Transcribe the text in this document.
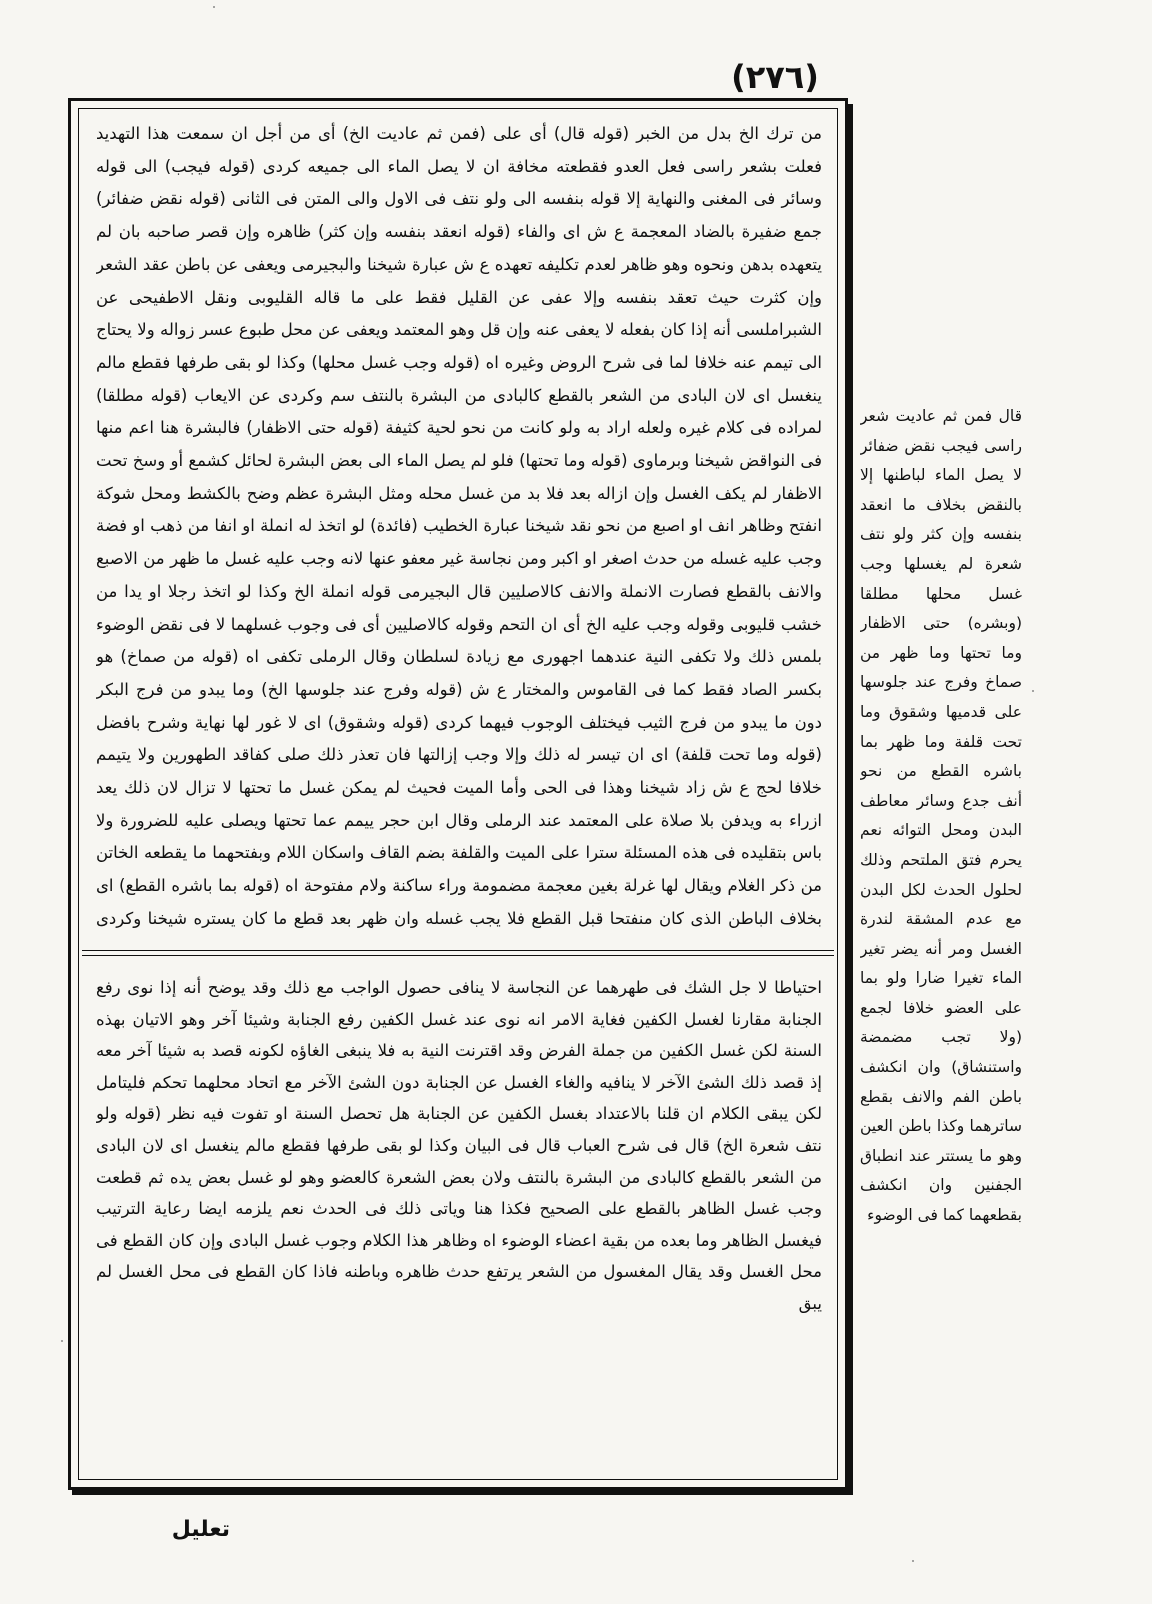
(٢٧٦)
من ترك الخ بدل من الخبر (قوله قال) أى على (فمن ثم عاديت الخ) أى من أجل ان سمعت هذا التهديد فعلت بشعر راسى فعل العدو فقطعته مخافة ان لا يصل الماء الى جميعه كردى (قوله فيجب) الى قوله وسائر فى المغنى والنهاية إلا قوله بنفسه الى ولو نتف فى الاول والى المتن فى الثانى (قوله نقض ضفائر) جمع ضفيرة بالضاد المعجمة ع ش اى والفاء (قوله انعقد بنفسه وإن كثر) ظاهره وإن قصر صاحبه بان لم يتعهده بدهن ونحوه وهو ظاهر لعدم تكليفه تعهده ع ش عبارة شيخنا والبجيرمى ويعفى عن باطن عقد الشعر وإن كثرت حيث تعقد بنفسه وإلا عفى عن القليل فقط على ما قاله القليوبى ونقل الاطفيحى عن الشبراملسى أنه إذا كان بفعله لا يعفى عنه وإن قل وهو المعتمد ويعفى عن محل طبوع عسر زواله ولا يحتاج الى تيمم عنه خلافا لما فى شرح الروض وغيره اه (قوله وجب غسل محلها) وكذا لو بقى طرفها فقطع مالم ينغسل اى لان البادى من الشعر بالقطع كالبادى من البشرة بالنتف سم وكردى عن الايعاب (قوله مطلقا) لمراده فى كلام غيره ولعله اراد به ولو كانت من نحو لحية كثيفة (قوله حتى الاظفار) فالبشرة هنا اعم منها فى النواقض شيخنا وبرماوى (قوله وما تحتها) فلو لم يصل الماء الى بعض البشرة لحائل كشمع أو وسخ تحت الاظفار لم يكف الغسل وإن ازاله بعد فلا بد من غسل محله ومثل البشرة عظم وضح بالكشط ومحل شوكة انفتح وظاهر انف او اصبع من نحو نقد شيخنا عبارة الخطيب (فائدة) لو اتخذ له انملة او انفا من ذهب او فضة وجب عليه غسله من حدث اصغر او اكبر ومن نجاسة غير معفو عنها لانه وجب عليه غسل ما ظهر من الاصبع والانف بالقطع فصارت الانملة والانف كالاصليين قال البجيرمى قوله انملة الخ وكذا لو اتخذ رجلا او يدا من خشب قليوبى وقوله وجب عليه الخ أى ان التحم وقوله كالاصليين أى فى وجوب غسلهما لا فى نقض الوضوء بلمس ذلك ولا تكفى النية عندهما اجهورى مع زيادة لسلطان وقال الرملى تكفى اه (قوله من صماخ) هو بكسر الصاد فقط كما فى القاموس والمختار ع ش (قوله وفرج عند جلوسها الخ) وما يبدو من فرج البكر دون ما يبدو من فرج الثيب فيختلف الوجوب فيهما كردى (قوله وشقوق) اى لا غور لها نهاية وشرح بافضل (قوله وما تحت قلفة) اى ان تيسر له ذلك وإلا وجب إزالتها فان تعذر ذلك صلى كفاقد الطهورين ولا يتيمم خلافا لحج ع ش زاد شيخنا وهذا فى الحى وأما الميت فحيث لم يمكن غسل ما تحتها لا تزال لان ذلك يعد ازراء به ويدفن بلا صلاة على المعتمد عند الرملى وقال ابن حجر ييمم عما تحتها ويصلى عليه للضرورة ولا باس بتقليده فى هذه المسئلة سترا على الميت والقلفة بضم القاف واسكان اللام وبفتحهما ما يقطعه الخاتن من ذكر الغلام ويقال لها غرلة بغين معجمة مضمومة وراء ساكنة ولام مفتوحة اه (قوله بما باشره القطع) اى بخلاف الباطن الذى كان منفتحا قبل القطع فلا يجب غسله وان ظهر بعد قطع ما كان يستره شيخنا وكردى
احتياطا لا جل الشك فى طهرهما عن النجاسة لا ينافى حصول الواجب مع ذلك وقد يوضح أنه إذا نوى رفع الجنابة مقارنا لغسل الكفين فغاية الامر انه نوى عند غسل الكفين رفع الجنابة وشيئا آخر وهو الاتيان بهذه السنة لكن غسل الكفين من جملة الفرض وقد اقترنت النية به فلا ينبغى الغاؤه لكونه قصد به شيئا آخر معه إذ قصد ذلك الشئ الآخر لا ينافيه والغاء الغسل عن الجنابة دون الشئ الآخر مع اتحاد محلهما تحكم فليتامل لكن يبقى الكلام ان قلنا بالاعتداد بغسل الكفين عن الجنابة هل تحصل السنة او تفوت فيه نظر (قوله ولو نتف شعرة الخ) قال فى شرح العباب قال فى البيان وكذا لو بقى طرفها فقطع مالم ينغسل اى لان البادى من الشعر بالقطع كالبادى من البشرة بالنتف ولان بعض الشعرة كالعضو وهو لو غسل بعض يده ثم قطعت وجب غسل الظاهر بالقطع على الصحيح فكذا هنا وياتى ذلك فى الحدث نعم يلزمه ايضا رعاية الترتيب فيغسل الظاهر وما بعده من بقية اعضاء الوضوء اه وظاهر هذا الكلام وجوب غسل البادى وإن كان القطع فى محل الغسل وقد يقال المغسول من الشعر يرتفع حدث ظاهره وباطنه فاذا كان القطع فى محل الغسل لم يبق
قال فمن ثم عاديت شعر راسى فيجب نقض ضفائر لا يصل الماء لباطنها إلا بالنقض بخلاف ما انعقد بنفسه وإن كثر ولو نتف شعرة لم يغسلها وجب غسل محلها مطلقا (وبشره) حتى الاظفار وما تحتها وما ظهر من صماخ وفرج عند جلوسها على قدميها وشقوق وما تحت قلفة وما ظهر بما باشره القطع من نحو أنف جدع وسائر معاطف البدن ومحل التوائه نعم يحرم فتق الملتحم وذلك لحلول الحدث لكل البدن مع عدم المشقة لندرة الغسل ومر أنه يضر تغير الماء تغيرا ضارا ولو بما على العضو خلافا لجمع (ولا تجب مضمضة واستنشاق) وان انكشف باطن الفم والانف بقطع ساترهما وكذا باطن العين وهو ما يستتر عند انطباق الجفنين وان انكشف بقطعهما كما فى الوضوء
تعليل
